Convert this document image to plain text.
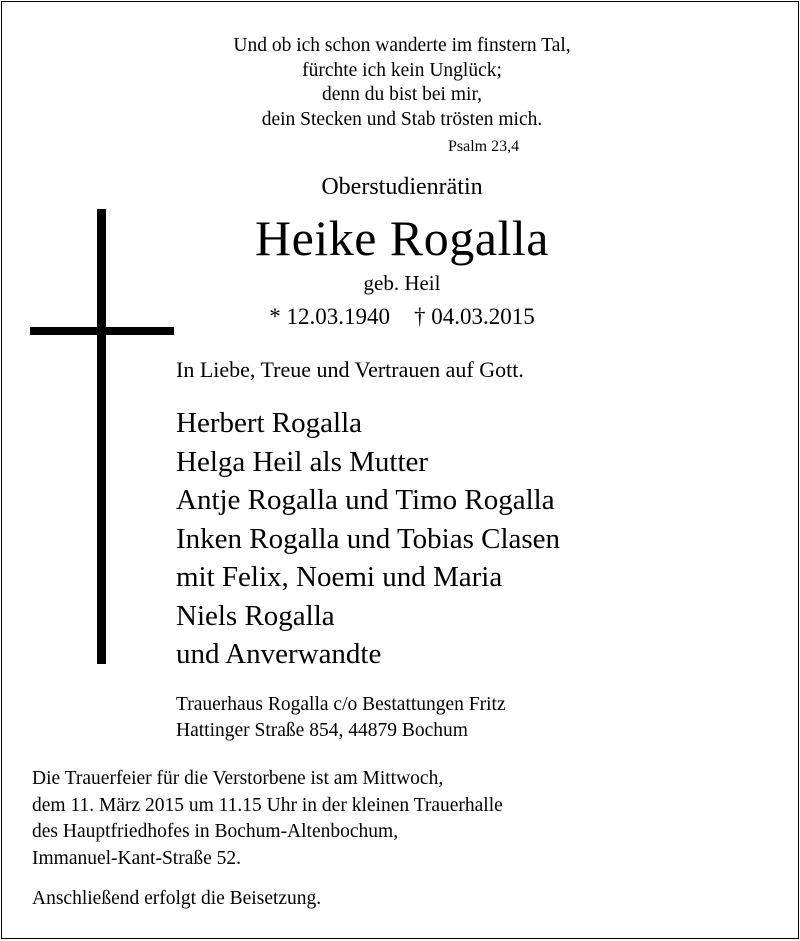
Und ob ich schon wanderte im finstern Tal,
fürchte ich kein Unglück;
denn du bist bei mir,
dein Stecken und Stab trösten mich.
Psalm 23,4
Oberstudienrätin
Heike Rogalla
geb. Heil
* 12.03.1940 † 04.03.2015
In Liebe, Treue und Vertrauen auf Gott.
Herbert Rogalla
Helga Heil als Mutter
Antje Rogalla und Timo Rogalla
Inken Rogalla und Tobias Clasen
mit Felix, Noemi und Maria
Niels Rogalla
und Anverwandte
Trauerhaus Rogalla c/o Bestattungen Fritz
Hattinger Straße 854, 44879 Bochum
Die Trauerfeier für die Verstorbene ist am Mittwoch,
dem 11. März 2015 um 11.15 Uhr in der kleinen Trauerhalle
des Hauptfriedhofes in Bochum-Altenbochum,
Immanuel-Kant-Straße 52.
Anschließend erfolgt die Beisetzung.
